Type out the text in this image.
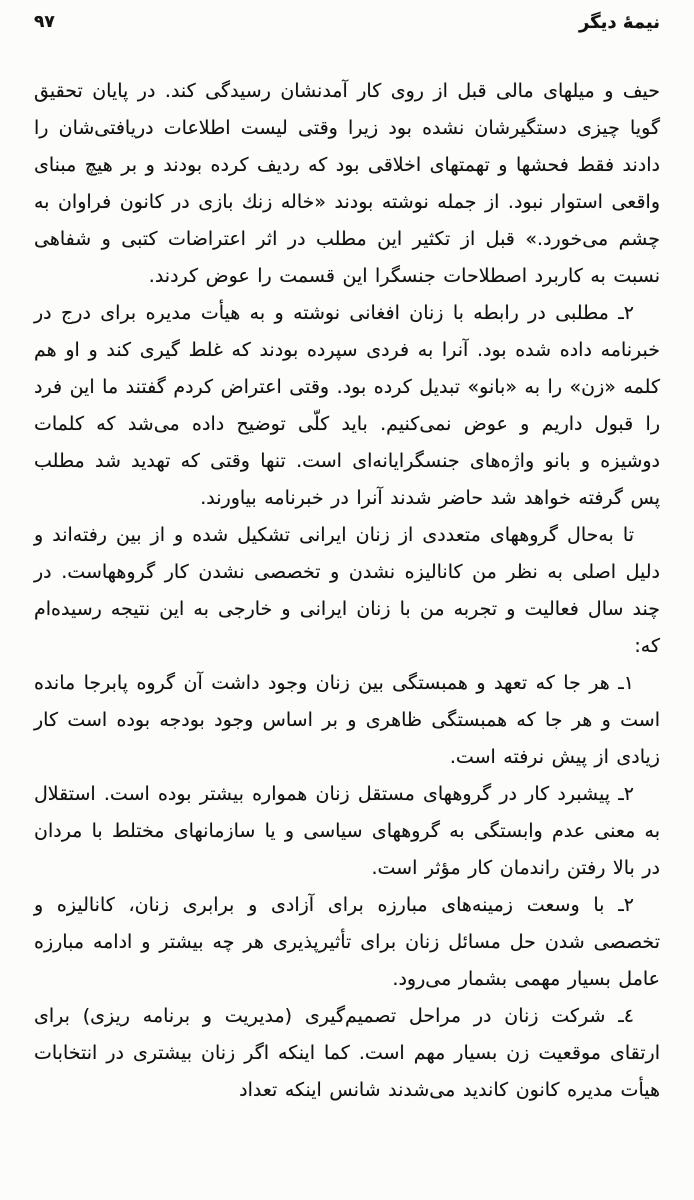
۹۷	نیمهٔ دیگر

حیف و میلهای مالی قبل از روی کار آمدنشان رسیدگی کند. در پایان تحقیق گویا چیزی دستگیرشان نشده بود زیرا وقتی لیست اطلاعات دریافتی‌شان را دادند فقط فحشها و تهمتهای اخلاقی بود که ردیف کرده بودند و بر هیچ مبنای واقعی استوار نبود. از جمله نوشته بودند «خاله زنك بازی در کانون فراوان به چشم می‌خورد.» قبل از تکثیر این مطلب در اثر اعتراضات کتبی و شفاهی نسبت به کاربرد اصطلاحات جنسگرا این قسمت را عوض کردند.

۲ـ مطلبی در رابطه با زنان افغانی نوشته و به هیأت مدیره برای درج در خبرنامه داده شده بود. آنرا به فردی سپرده بودند که غلط گیری کند و او هم کلمه «زن» را به «بانو» تبدیل کرده بود. وقتی اعتراض کردم گفتند ما این فرد را قبول داریم و عوض نمی‌کنیم. باید کلّی توضیح داده می‌شد که کلمات دوشیزه و بانو واژه‌های جنسگرایانه‌ای است. تنها وقتی که تهدید شد مطلب پس گرفته خواهد شد حاضر شدند آنرا در خبرنامه بیاورند.

تا به‌حال گروههای متعددی از زنان ایرانی تشکیل شده و از بین رفته‌اند و دلیل اصلی به نظر من کانالیزه نشدن و تخصصی نشدن کار گروههاست. در چند سال فعالیت و تجربه من با زنان ایرانی و خارجی به این نتیجه رسیده‌ام که:

۱ـ هر جا که تعهد و همبستگی بین زنان وجود داشت آن گروه پابرجا مانده است و هر جا که همبستگی ظاهری و بر اساس وجود بودجه بوده است کار زیادی از پیش نرفته است.

۲ـ پیشبرد کار در گروههای مستقل زنان همواره بیشتر بوده است. استقلال به معنی عدم وابستگی به گروههای سیاسی و یا سازمانهای مختلط با مردان در بالا رفتن راندمان کار مؤثر است.

۲ـ با وسعت زمینه‌های مبارزه برای آزادی و برابری زنان، کانالیزه و تخصصی شدن حل مسائل زنان برای تأثیرپذیری هر چه بیشتر و ادامه مبارزه عامل بسیار مهمی بشمار می‌رود.

٤ـ شرکت زنان در مراحل تصمیم‌گیری (مدیریت و برنامه ریزی) برای ارتقای موقعیت زن بسیار مهم است. کما اینکه اگر زنان بیشتری در انتخابات هیأت مدیره کانون کاندید می‌شدند شانس اینکه تعداد
